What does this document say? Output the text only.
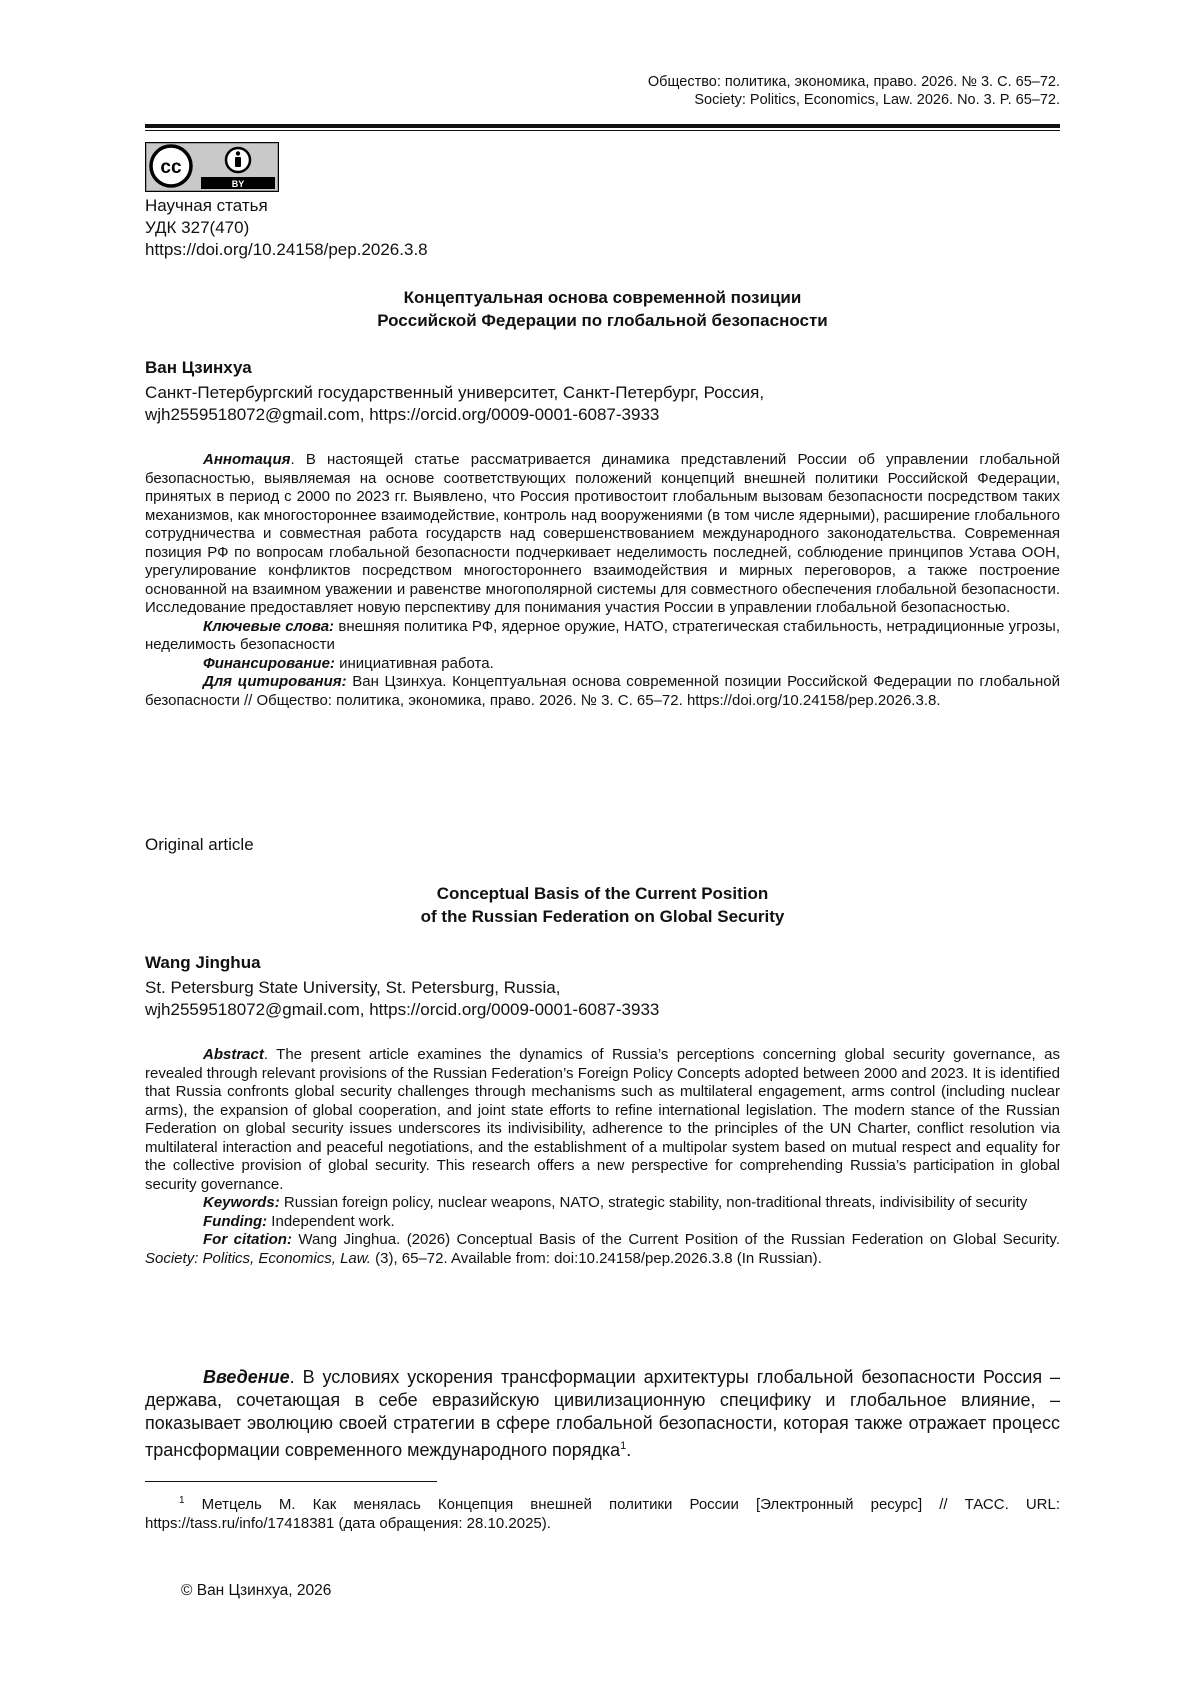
Общество: политика, экономика, право. 2026. № 3. С. 65–72.
Society: Politics, Economics, Law. 2026. No. 3. P. 65–72.
cc
BY
Научная статья
УДК 327(470)
https://doi.org/10.24158/pep.2026.3.8
Концептуальная основа современной позиции
Российской Федерации по глобальной безопасности
Ван Цзинхуа
Санкт-Петербургский государственный университет, Санкт-Петербург, Россия,
wjh2559518072@gmail.com, https://orcid.org/0009-0001-6087-3933

Аннотация. В настоящей статье рассматривается динамика представлений России об управлении глобальной безопасностью, выявляемая на основе соответствующих положений концепций внешней политики Российской Федерации, принятых в период с 2000 по 2023 гг. Выявлено, что Россия противостоит глобальным вызовам безопасности посредством таких механизмов, как многостороннее взаимодействие, контроль над вооружениями (в том числе ядерными), расширение глобального сотрудничества и совместная работа государств над совершенствованием международного законодательства. Современная позиция РФ по вопросам глобальной безопасности подчеркивает неделимость последней, соблюдение принципов Устава ООН, урегулирование конфликтов посредством многостороннего взаимодействия и мирных переговоров, а также построение основанной на взаимном уважении и равенстве многополярной системы для совместного обеспечения глобальной безопасности. Исследование предоставляет новую перспективу для понимания участия России в управлении глобальной безопасностью.

Ключевые слова: внешняя политика РФ, ядерное оружие, НАТО, стратегическая стабильность, нетрадиционные угрозы, неделимость безопасности

Финансирование: инициативная работа.

Для цитирования: Ван Цзинхуа. Концептуальная основа современной позиции Российской Федерации по глобальной безопасности // Общество: политика, экономика, право. 2026. № 3. С. 65–72. https://doi.org/10.24158/pep.2026.3.8.

Original article
Conceptual Basis of the Current Position
of the Russian Federation on Global Security
Wang Jinghua
St. Petersburg State University, St. Petersburg, Russia,
wjh2559518072@gmail.com, https://orcid.org/0009-0001-6087-3933

Abstract. The present article examines the dynamics of Russia’s perceptions concerning global security governance, as revealed through relevant provisions of the Russian Federation’s Foreign Policy Concepts adopted between 2000 and 2023. It is identified that Russia confronts global security challenges through mechanisms such as multilateral engagement, arms control (including nuclear arms), the expansion of global cooperation, and joint state efforts to refine international legislation. The modern stance of the Russian Federation on global security issues underscores its indivisibility, adherence to the principles of the UN Charter, conflict resolution via multilateral interaction and peaceful negotiations, and the establishment of a multipolar system based on mutual respect and equality for the collective provision of global security. This research offers a new perspective for comprehending Russia’s participation in global security governance.

Keywords: Russian foreign policy, nuclear weapons, NATO, strategic stability, non-traditional threats, indivisibility of security

Funding: Independent work.

For citation: Wang Jinghua. (2026) Conceptual Basis of the Current Position of the Russian Federation on Global Security. Society: Politics, Economics, Law. (3), 65–72. Available from: doi:10.24158/pep.2026.3.8 (In Russian).

Введение. В условиях ускорения трансформации архитектуры глобальной безопасности Россия – держава, сочетающая в себе евразийскую цивилизационную специфику и глобальное влияние, – показывает эволюцию своей стратегии в сфере глобальной безопасности, которая также отражает процесс трансформации современного международного порядка$^1$.
$^1$ Метцель М. Как менялась Концепция внешней политики России [Электронный ресурс] // ТАСС. URL: https://tass.ru/info/17418381 (дата обращения: 28.10.2025).
© Ван Цзинхуа, 2026
